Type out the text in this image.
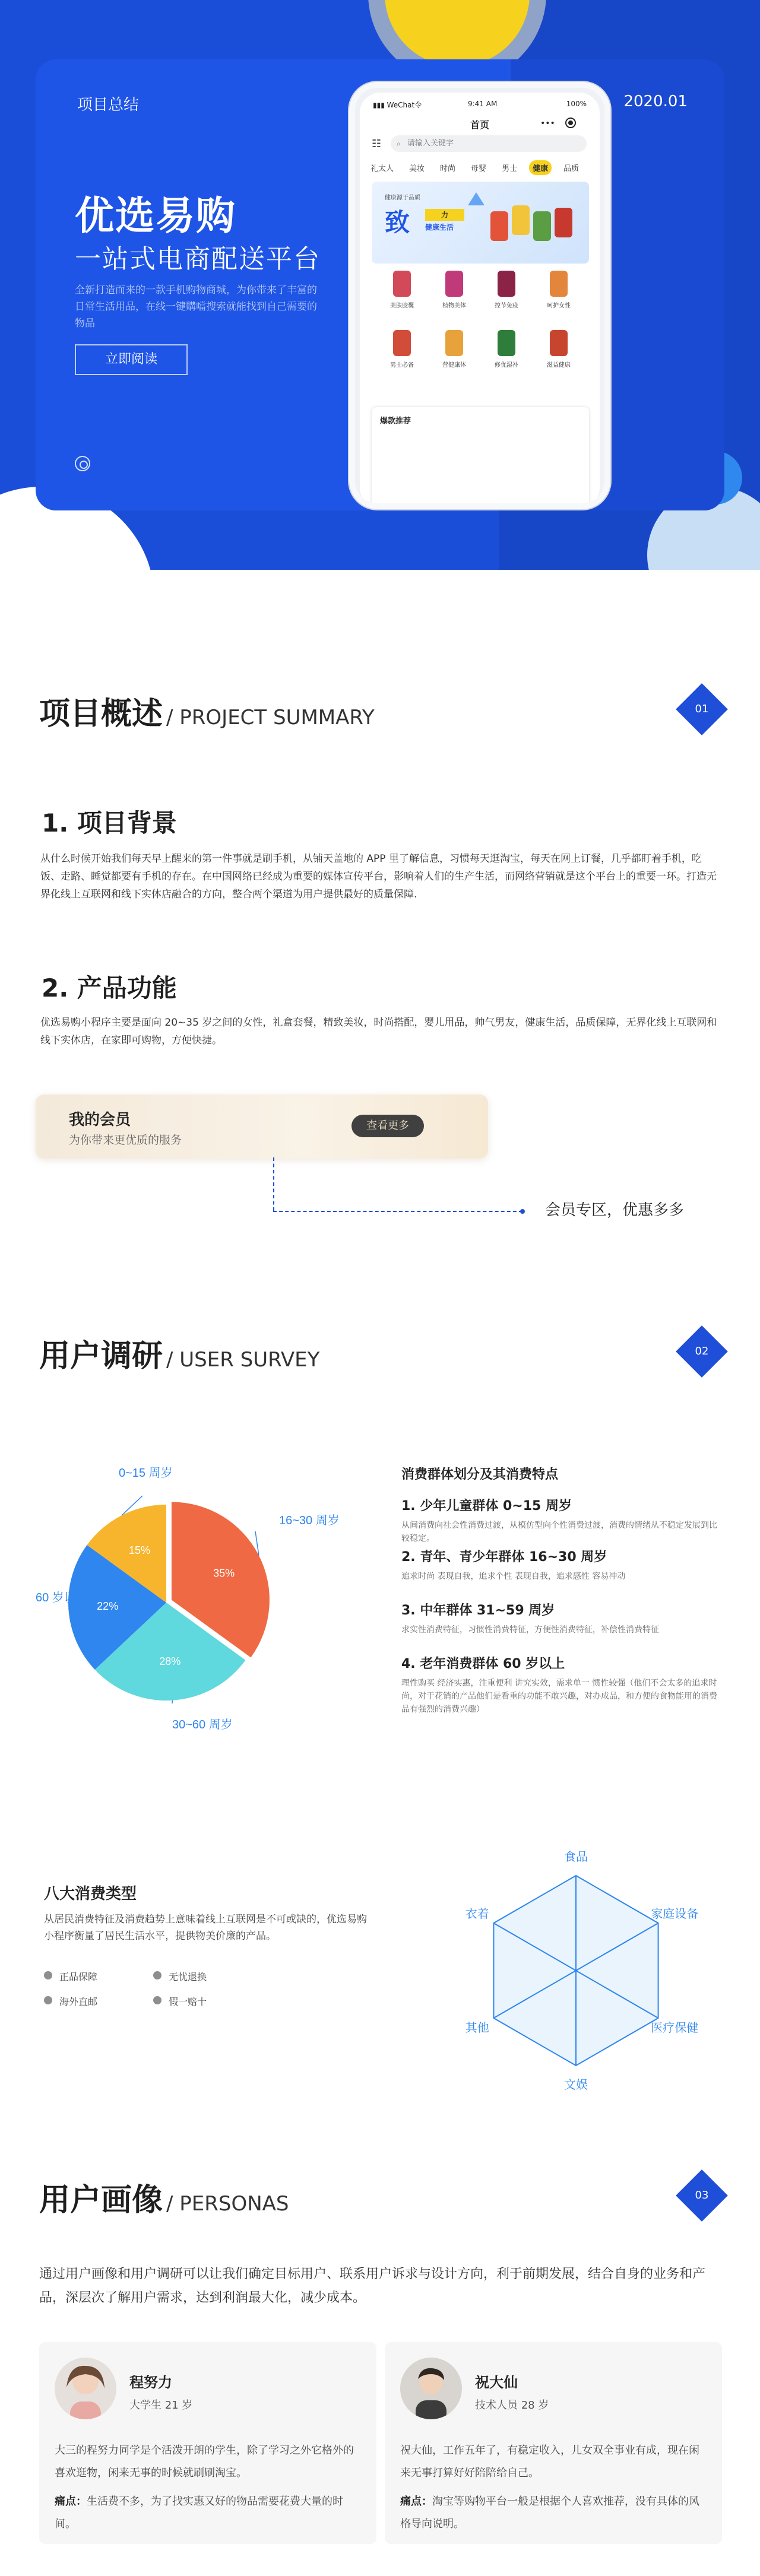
项目总结	2020.01
优选易购
一站式电商配送平台
全新打造而来的一款手机购物商城，为你带来了丰富的日常生活用品，在线一键購噹搜索就能找到自己需要的物品
立即阅读
▮▮▮ WeChat令	9:41 AM	100%
首页	•••
☷ ⌕ 请输入关键字
礼太人 美妆 时尚 母婴 男士 健康 品质
健康源于品质
致	力
健康生活
美肤胶囊	植物美体	控节免疫	呵护女性
男士必备	营健康体	修优湿补	滋益健康
爆款推荐
项目概述 / PROJECT SUMMARY	01
1. 项目背景
从什么时候开始我们每天早上醒来的第一件事就是刷手机，从铺天盖地的 APP 里了解信息，习惯每天逛淘宝，每天在网上订餐，几乎都盯着手机，吃饭、走路、睡觉都要有手机的存在。在中国网络已经成为重要的媒体宣传平台，影响着人们的生产生活，而网络营销就是这个平台上的重要一环。打造无界化线上互联网和线下实体店融合的方向，整合两个渠道为用户提供最好的质量保障.
2. 产品功能
优选易购小程序主要是面向 20~35 岁之间的女性，礼盒套餐，精致美妆，时尚搭配，婴儿用品，帅气男友，健康生活，品质保障，无界化线上互联网和线下实体店，在家即可购物，方便快捷。
我的会员
为你带来更优质的服务
查看更多
会员专区，优惠多多
用户调研 / USER SURVEY	02
35%
28%
22%
15%
16~30 周岁
30~60 周岁
60 岁以上
0~15 周岁	消费群体划分及其消费特点
1. 少年儿童群体 0~15 周岁
从间消费向社会性消费过渡，从模仿型向个性消费过渡，消费的情绪从不稳定发展到比较稳定。
2. 青年、青少年群体 16~30 周岁
追求时尚 表现自我，追求个性 表现自我，追求感性 容易冲动
3. 中年群体 31~59 周岁
求实性消费特征，习惯性消费特征，方便性消费特征，补偿性消费特征
4. 老年消费群体 60 岁以上
理性购买 经济实惠，注重便利 讲究实效，需求单一 惯性较强（他们不会太多的追求时尚，对于花销的产品他们是看重的功能不敢兴趣，对办成品，和方便的食物能用的消费品有强烈的消费兴趣）
八大消费类型
从居民消费特征及消费趋势上意味着线上互联网是不可或缺的，优选易购小程序衡量了居民生活水平，提供物美价廉的产品。
正品保障	无忧退换
海外直邮	假一赔十
食品
家庭设备
医疗保健
文娱
其他
衣着
用户画像 / PERSONAS	03
通过用户画像和用户调研可以让我们确定目标用户、联系用户诉求与设计方向，利于前期发展，结合自身的业务和产品，深层次了解用户需求，达到利润最大化，减少成本。
程努力
大学生 21 岁
大三的程努力同学是个活泼开朗的学生，除了学习之外它格外的喜欢逛物，闲来无事的时候就刷刷淘宝。
痛点：生活费不多，为了找实惠又好的物品需要花费大量的时间。
祝大仙
技术人员 28 岁
祝大仙，工作五年了，有稳定收入，儿女双全事业有成，现在闲来无事打算好好陪陪给自己。
痛点：淘宝等购物平台一般是根据个人喜欢推荐，没有具体的风格导向说明。
